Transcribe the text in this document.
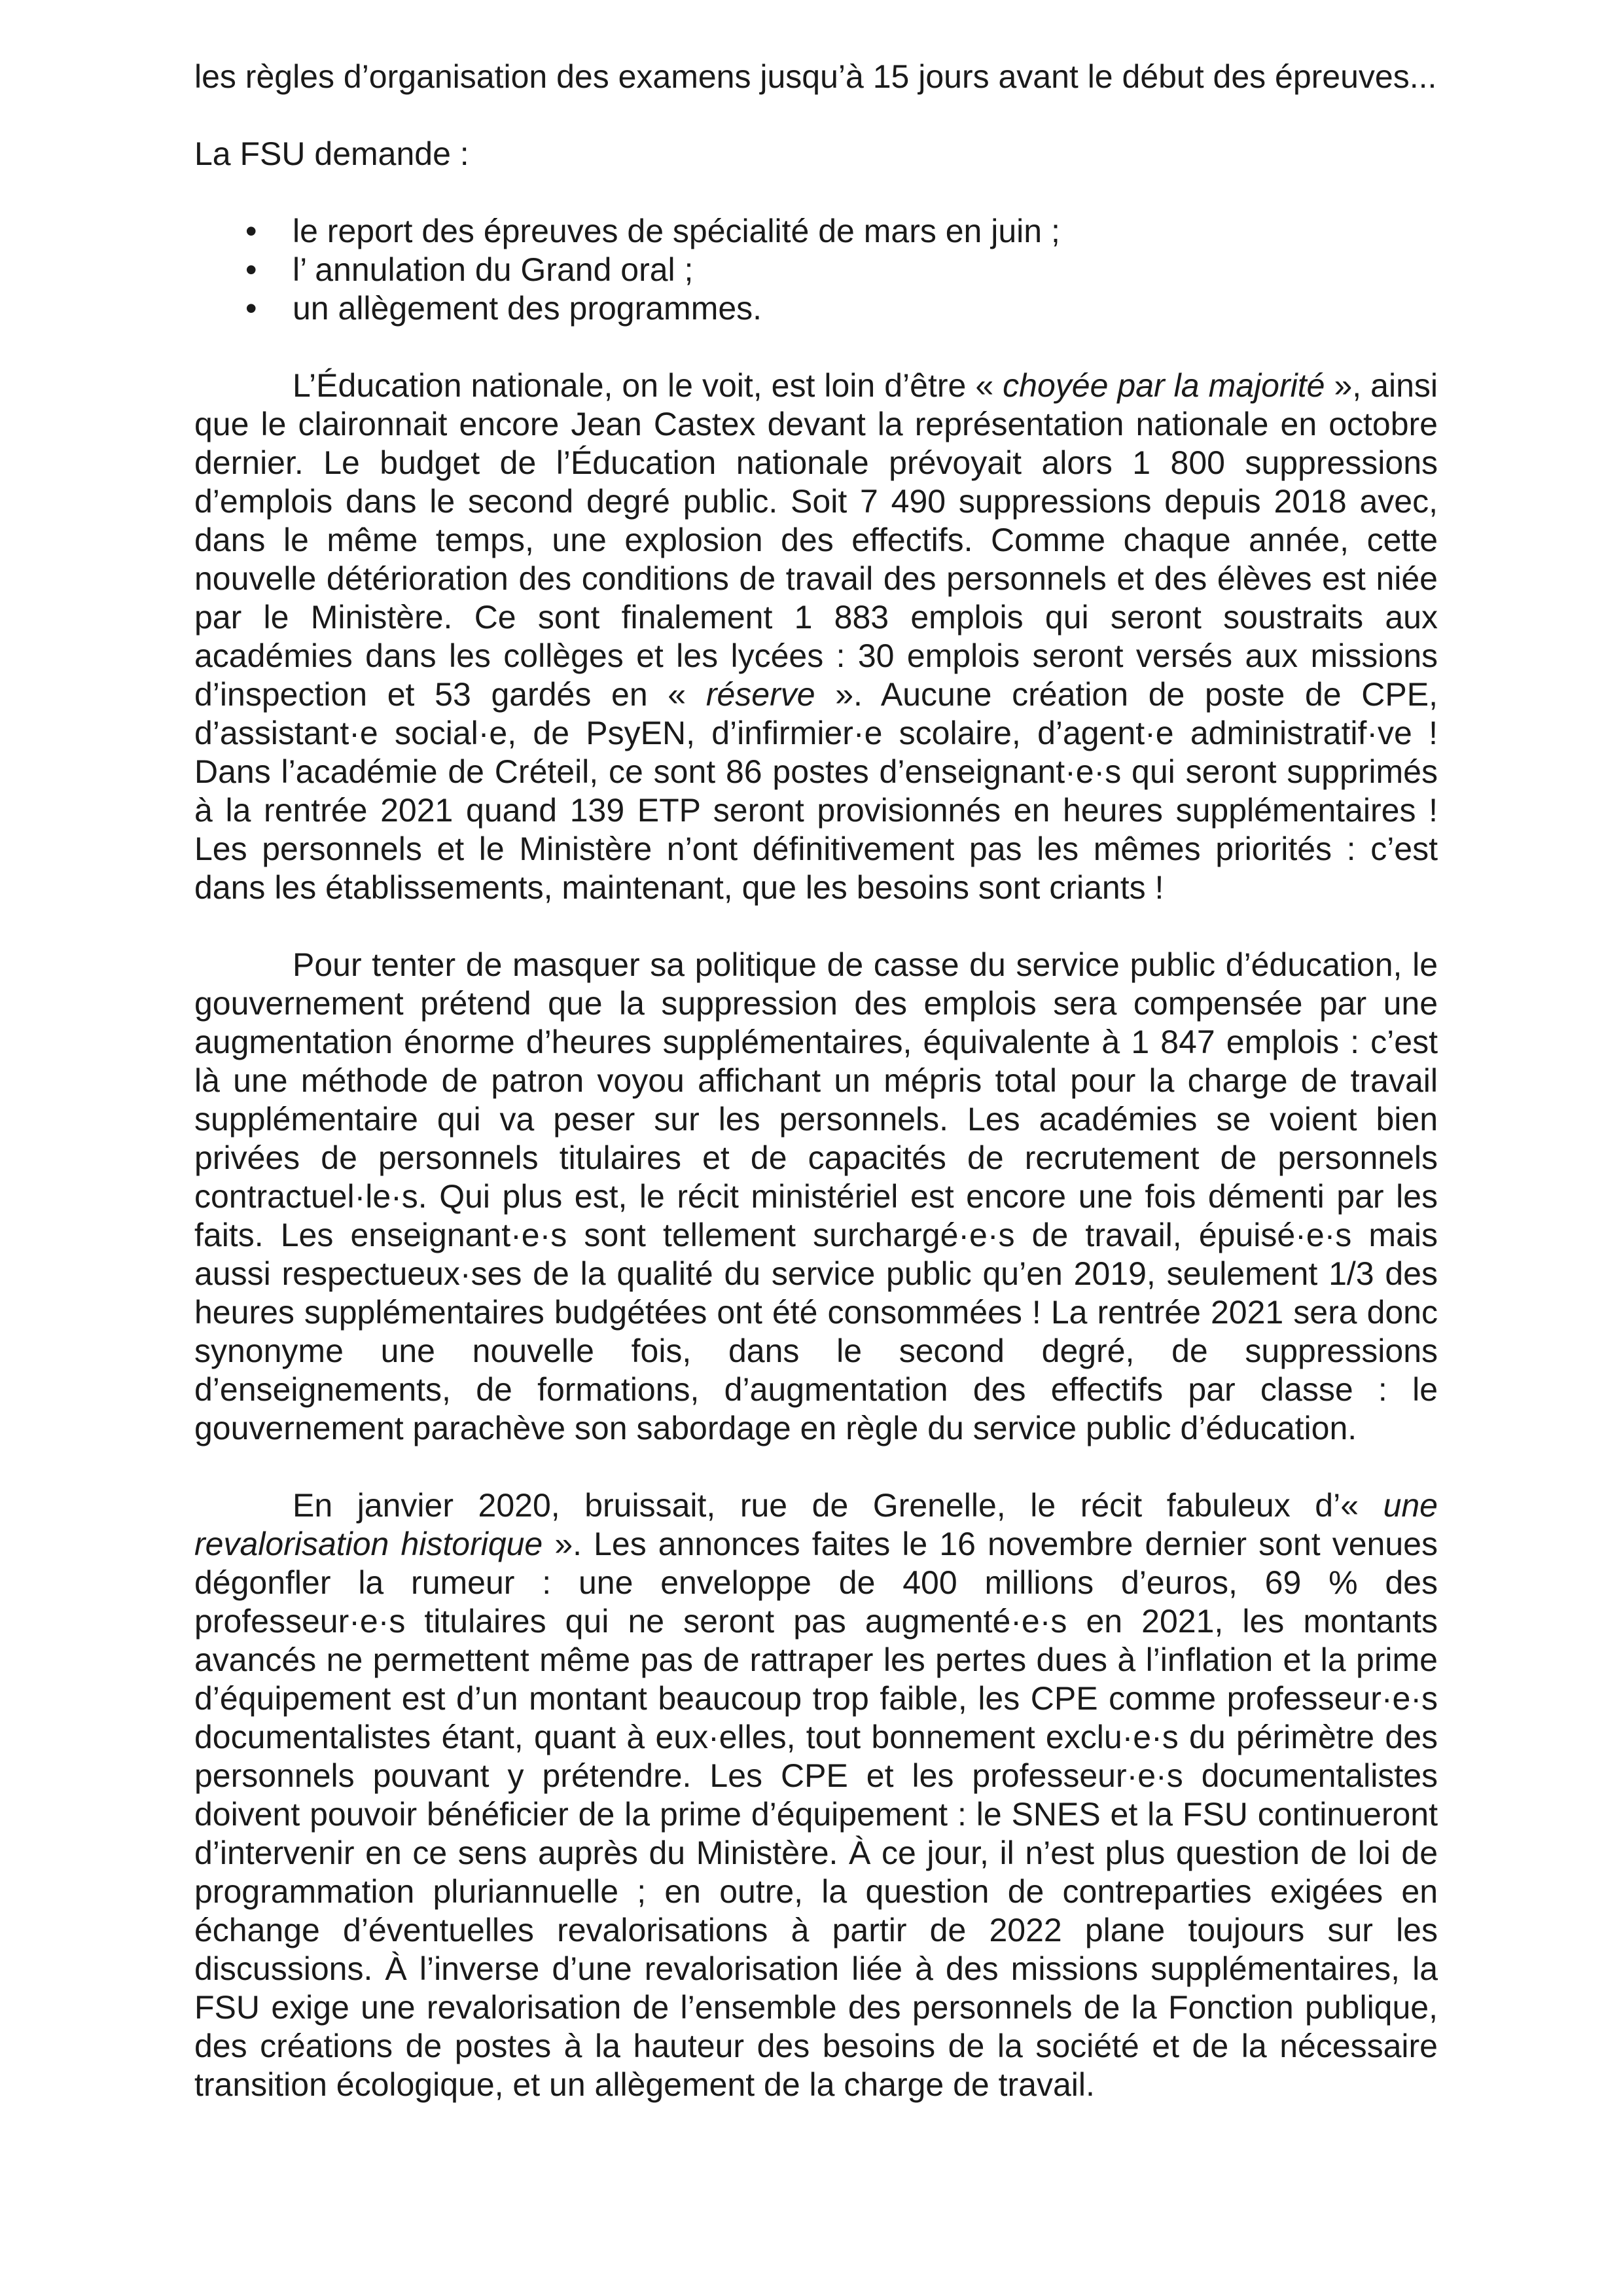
les règles d’organisation des examens jusqu’à 15 jours avant le début des épreuves...

La FSU demande :

• le report des épreuves de spécialité de mars en juin ;
• l’ annulation du Grand oral ;
• un allègement des programmes.

L’Éducation nationale, on le voit, est loin d’être « choyée par la majorité », ainsi que le claironnait encore Jean Castex devant la représentation nationale en octobre dernier. Le budget de l’Éducation nationale prévoyait alors 1 800 suppressions d’emplois dans le second degré public. Soit 7 490 suppressions depuis 2018 avec, dans le même temps, une explosion des effectifs. Comme chaque année, cette nouvelle détérioration des conditions de travail des personnels et des élèves est niée par le Ministère. Ce sont finalement 1 883 emplois qui seront soustraits aux académies dans les collèges et les lycées : 30 emplois seront versés aux missions d’inspection et 53 gardés en « réserve ». Aucune création de poste de CPE, d’assistant·e social·e, de PsyEN, d’infirmier·e scolaire, d’agent·e administratif·ve ! Dans l’académie de Créteil, ce sont 86 postes d’enseignant·e·s qui seront supprimés à la rentrée 2021 quand 139 ETP seront provisionnés en heures supplémentaires ! Les personnels et le Ministère n’ont définitivement pas les mêmes priorités : c’est dans les établissements, maintenant, que les besoins sont criants !

Pour tenter de masquer sa politique de casse du service public d’éducation, le gouvernement prétend que la suppression des emplois sera compensée par une augmentation énorme d’heures supplémentaires, équivalente à 1 847 emplois : c’est là une méthode de patron voyou affichant un mépris total pour la charge de travail supplémentaire qui va peser sur les personnels. Les académies se voient bien privées de personnels titulaires et de capacités de recrutement de personnels contractuel·le·s. Qui plus est, le récit ministériel est encore une fois démenti par les faits. Les enseignant·e·s sont tellement surchargé·e·s de travail, épuisé·e·s mais aussi respectueux·ses de la qualité du service public qu’en 2019, seulement 1/3 des heures supplémentaires budgétées ont été consommées ! La rentrée 2021 sera donc synonyme une nouvelle fois, dans le second degré, de suppressions d’enseignements, de formations, d’augmentation des effectifs par classe : le gouvernement parachève son sabordage en règle du service public d’éducation.

En janvier 2020, bruissait, rue de Grenelle, le récit fabuleux d’« une revalorisation historique ». Les annonces faites le 16 novembre dernier sont venues dégonfler la rumeur : une enveloppe de 400 millions d’euros, 69 % des professeur·e·s titulaires qui ne seront pas augmenté·e·s en 2021, les montants avancés ne permettent même pas de rattraper les pertes dues à l’inflation et la prime d’équipement est d’un montant beaucoup trop faible, les CPE comme professeur·e·s documentalistes étant, quant à eux·elles, tout bonnement exclu·e·s du périmètre des personnels pouvant y prétendre. Les CPE et les professeur·e·s documentalistes doivent pouvoir bénéficier de la prime d’équipement : le SNES et la FSU continueront d’intervenir en ce sens auprès du Ministère. À ce jour, il n’est plus question de loi de programmation pluriannuelle ; en outre, la question de contreparties exigées en échange d’éventuelles revalorisations à partir de 2022 plane toujours sur les discussions. À l’inverse d’une revalorisation liée à des missions supplémentaires, la FSU exige une revalorisation de l’ensemble des personnels de la Fonction publique, des créations de postes à la hauteur des besoins de la société et de la nécessaire transition écologique, et un allègement de la charge de travail.
